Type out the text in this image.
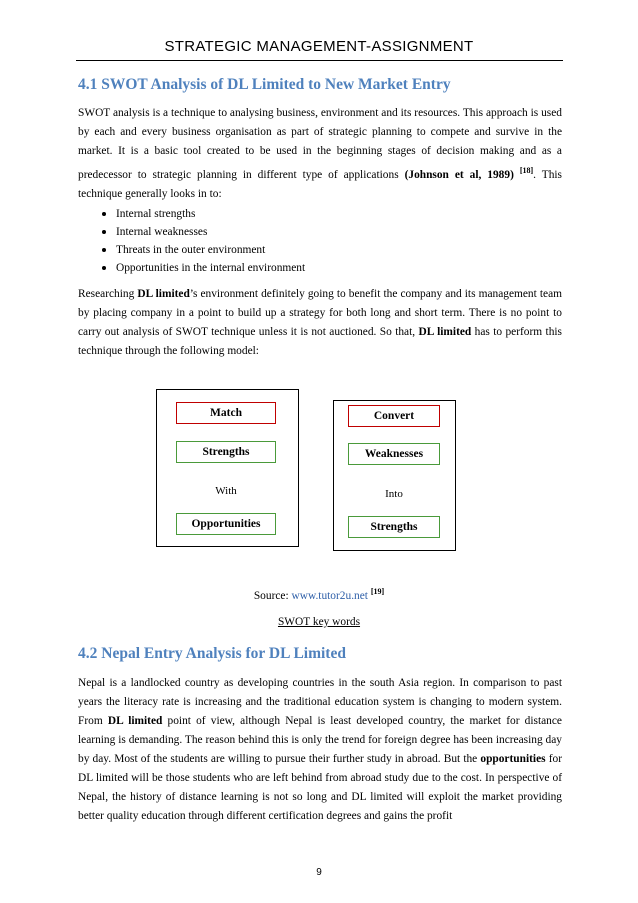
STRATEGIC MANAGEMENT-ASSIGNMENT
4.1 SWOT Analysis of DL Limited to New Market Entry

SWOT analysis is a technique to analysing business, environment and its resources. This approach is used by each and every business organisation as part of strategic planning to compete and survive in the market. It is a basic tool created to be used in the beginning stages of decision making and as a predecessor to strategic planning in different type of applications (Johnson et al, 1989) [18]. This technique generally looks in to:

Internal strengths
Internal weaknesses
Threats in the outer environment
Opportunities in the internal environment

Researching DL limited’s environment definitely going to benefit the company and its management team by placing company in a point to build up a strategy for both long and short term. There is no point to carry out analysis of SWOT technique unless it is not auctioned. So that, DL limited has to perform this technique through the following model:

Match
Strengths
With
Opportunities
Convert
Weaknesses
Into
Strengths
Source: www.tutor2u.net [19]
SWOT key words
4.2 Nepal Entry Analysis for DL Limited

Nepal is a landlocked country as developing countries in the south Asia region. In comparison to past years the literacy rate is increasing and the traditional education system is changing to modern system. From DL limited point of view, although Nepal is least developed country, the market for distance learning is demanding. The reason behind this is only the trend for foreign degree has been increasing day by day. Most of the students are willing to pursue their further study in abroad. But the opportunities for DL limited will be those students who are left behind from abroad study due to the cost. In perspective of Nepal, the history of distance learning is not so long and DL limited will exploit the market providing better quality education through different certification degrees and gains the profit

9
